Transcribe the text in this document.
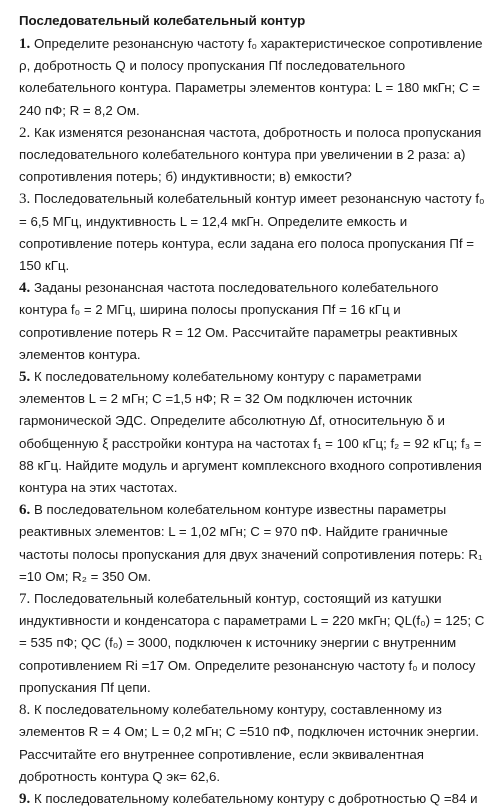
Последовательный колебательный контур

1. Определите резонансную частоту f₀ характеристическое сопротивление ρ, добротность Q и полосу пропускания Пf последовательного колебательного контура. Параметры элементов контура: L = 180 мкГн; C = 240 пФ; R = 8,2 Ом.

2. Как изменятся резонансная частота, добротность и полоса пропускания последовательного колебательного контура при увеличении в 2 раза: а) сопротивления потерь; б) индуктивности; в) емкости?

3. Последовательный колебательный контур имеет резонансную частоту f₀ = 6,5 МГц, индуктивность L = 12,4 мкГн. Определите емкость и сопротивление потерь контура, если задана его полоса пропускания Пf = 150 кГц.

4. Заданы резонансная частота последовательного колебательного контура f₀ = 2 МГц, ширина полосы пропускания Пf = 16 кГц и сопротивление потерь R = 12 Ом. Рассчитайте параметры реактивных элементов контура.

5. К последовательному колебательному контуру с параметрами элементов L = 2 мГн; C =1,5 нФ; R = 32 Ом подключен источник гармонической ЭДС. Определите абсолютную Δf, относительную δ и обобщенную ξ расстройки контура на частотах f₁ = 100 кГц; f₂ = 92 кГц; f₃ = 88 кГц. Найдите модуль и аргумент комплексного входного сопротивления контура на этих частотах.

6. В последовательном колебательном контуре известны параметры реактивных элементов: L = 1,02 мГн; C = 970 пФ. Найдите граничные частоты полосы пропускания для двух значений сопротивления потерь: R₁ =10 Ом; R₂ = 350 Ом.

7. Последовательный колебательный контур, состоящий из катушки индуктивности и конденсатора с параметрами L = 220 мкГн; QL(f₀) = 125; C = 535 пФ; QC (f₀) = 3000, подключен к источнику энергии с внутренним сопротивлением Ri =17 Ом. Определите резонансную частоту f₀ и полосу пропускания Пf цепи.

8. К последовательному колебательному контуру, составленному из элементов R = 4 Ом; L = 0,2 мГн; C =510 пФ, подключен источник энергии. Рассчитайте его внутреннее сопротивление, если эквивалентная добротность контура Q эк= 62,6.

9. К последовательному колебательному контуру с добротностью Q =84 и
